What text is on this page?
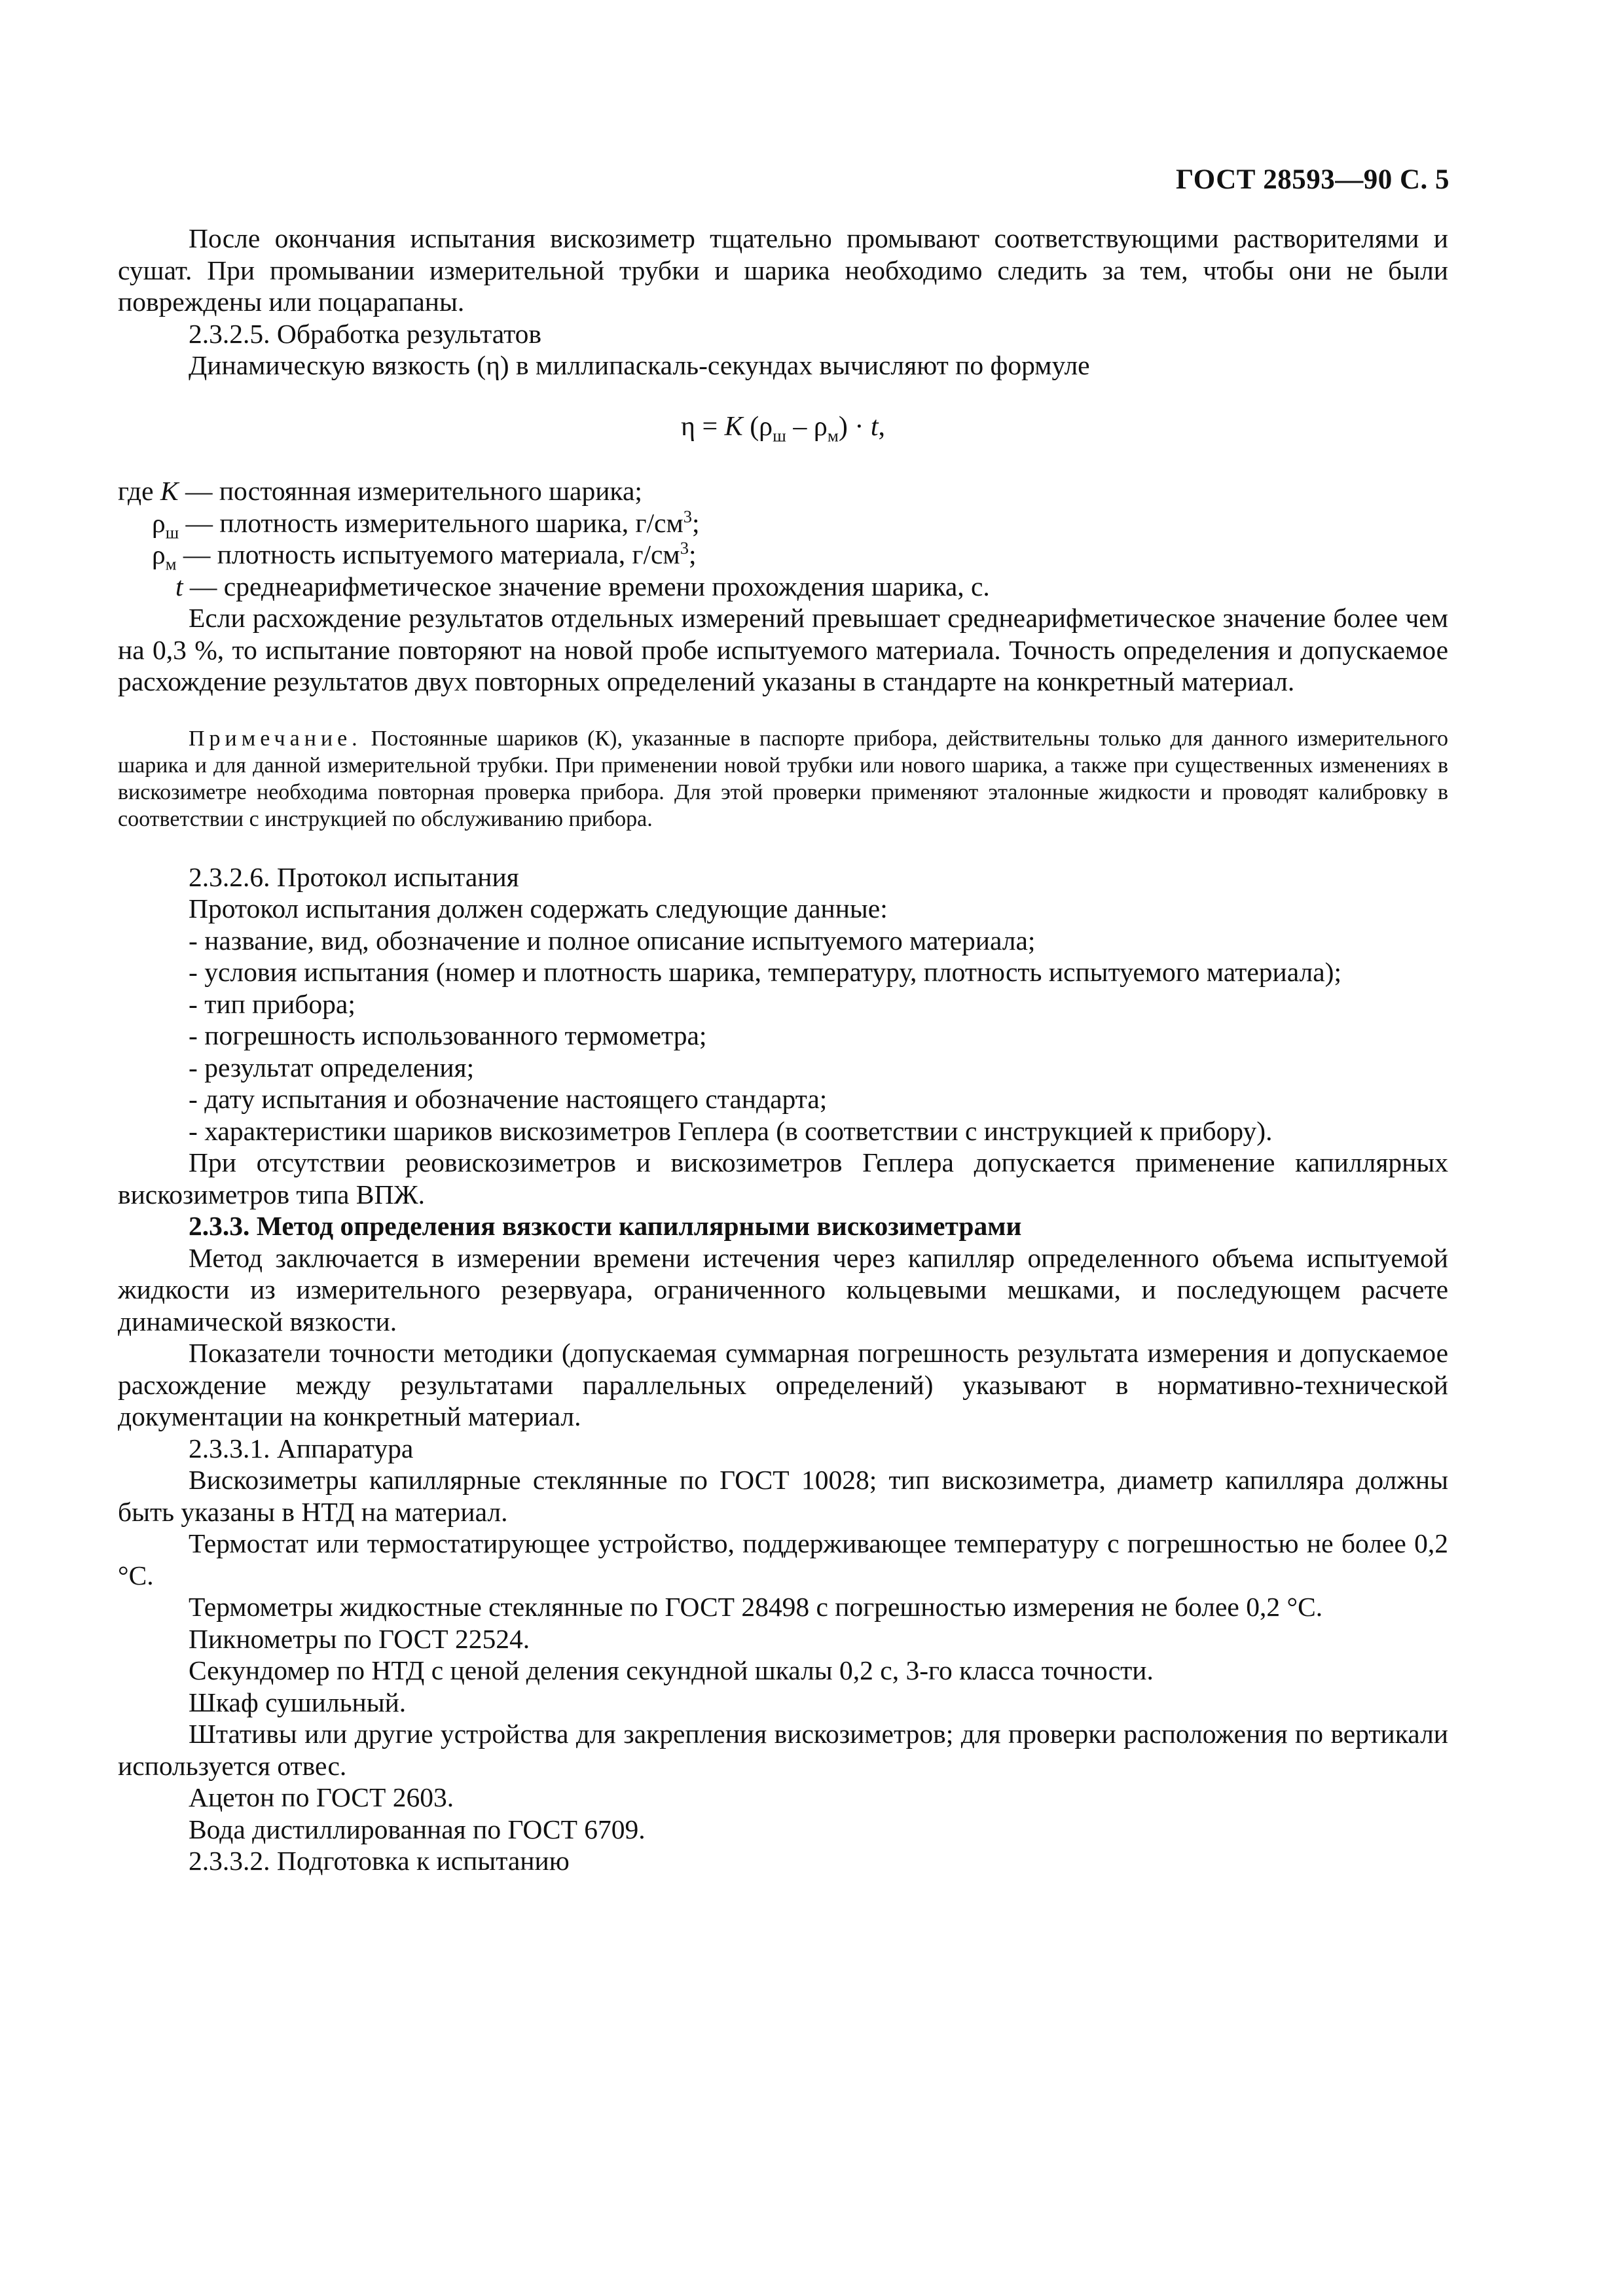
ГОСТ 28593—90 С. 5

После окончания испытания вискозиметр тщательно промывают соответствующими растворителями и сушат. При промывании измерительной трубки и шарика необходимо следить за тем, чтобы они не были повреждены или поцарапаны.

2.3.2.5. Обработка результатов

Динамическую вязкость (η) в миллипаскаль-секундах вычисляют по формуле

η = K $(\rho_ш - \rho_м) \cdot t$,
где K — постоянная измерительного шарика;
$\rho_ш$ — плотность измерительного шарика, $г/см^3$;
$\rho_м$ — плотность испытуемого материала, $г/см^3$;
t — среднеарифметическое значение времени прохождения шарика, с.

Если расхождение результатов отдельных измерений превышает среднеарифметическое значение более чем на 0,3 %, то испытание повторяют на новой пробе испытуемого материала. Точность определения и допускаемое расхождение результатов двух повторных определений указаны в стандарте на конкретный материал.

Примечание. Постоянные шариков (К), указанные в паспорте прибора, действительны только для данного измерительного шарика и для данной измерительной трубки. При применении новой трубки или нового шарика, а также при существенных изменениях в вискозиметре необходима повторная проверка прибора. Для этой проверки применяют эталонные жидкости и проводят калибровку в соответствии с инструкцией по обслуживанию прибора.

2.3.2.6. Протокол испытания

Протокол испытания должен содержать следующие данные:

- название, вид, обозначение и полное описание испытуемого материала;

- условия испытания (номер и плотность шарика, температуру, плотность испытуемого материала);

- тип прибора;

- погрешность использованного термометра;

- результат определения;

- дату испытания и обозначение настоящего стандарта;

- характеристики шариков вискозиметров Геплера (в соответствии с инструкцией к прибору).

При отсутствии реовискозиметров и вискозиметров Геплера допускается применение капиллярных вискозиметров типа ВПЖ.

2.3.3. Метод определения вязкости капиллярными вискозиметрами

Метод заключается в измерении времени истечения через капилляр определенного объема испытуемой жидкости из измерительного резервуара, ограниченного кольцевыми мешками, и последующем расчете динамической вязкости.

Показатели точности методики (допускаемая суммарная погрешность результата измерения и допускаемое расхождение между результатами параллельных определений) указывают в нормативно-технической документации на конкретный материал.

2.3.3.1. Аппаратура

Вискозиметры капиллярные стеклянные по ГОСТ 10028; тип вискозиметра, диаметр капилляра должны быть указаны в НТД на материал.

Термостат или термостатирующее устройство, поддерживающее температуру с погрешностью не более 0,2 °С.

Термометры жидкостные стеклянные по ГОСТ 28498 с погрешностью измерения не более 0,2 °С.

Пикнометры по ГОСТ 22524.

Секундомер по НТД с ценой деления секундной шкалы 0,2 с, 3-го класса точности.

Шкаф сушильный.

Штативы или другие устройства для закрепления вискозиметров; для проверки расположения по вертикали используется отвес.

Ацетон по ГОСТ 2603.

Вода дистиллированная по ГОСТ 6709.

2.3.3.2. Подготовка к испытанию
